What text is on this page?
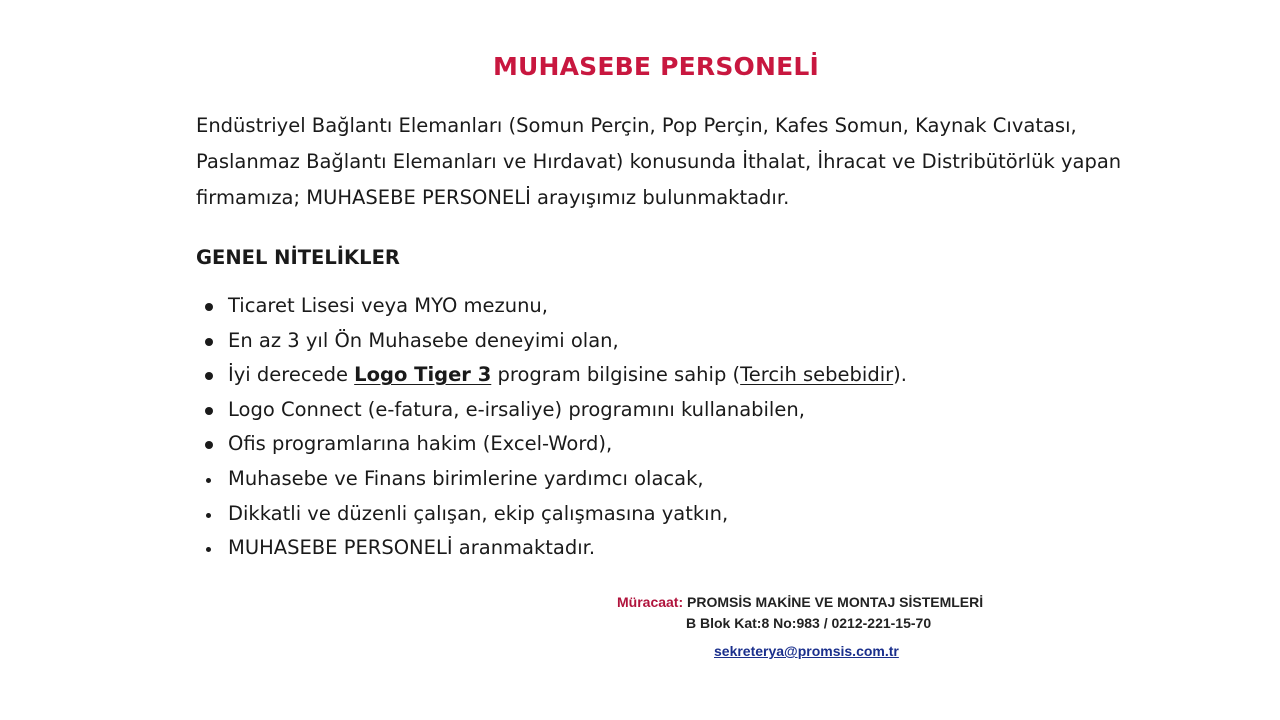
MUHASEBE PERSONELİ
Endüstriyel Bağlantı Elemanları (Somun Perçin, Pop Perçin, Kafes Somun, Kaynak Cıvatası,
Paslanmaz Bağlantı Elemanları ve Hırdavat) konusunda İthalat, İhracat ve Distribütörlük yapan
firmamıza; MUHASEBE PERSONELİ arayışımız bulunmaktadır.
GENEL NİTELİKLER
Ticaret Lisesi veya MYO mezunu,
En az 3 yıl Ön Muhasebe deneyimi olan,
İyi derecede Logo Tiger 3 program bilgisine sahip (Tercih sebebidir).
Logo Connect (e-fatura, e-irsaliye) programını kullanabilen,
Ofis programlarına hakim (Excel-Word),
Muhasebe ve Finans birimlerine yardımcı olacak,
Dikkatli ve düzenli çalışan, ekip çalışmasına yatkın,
MUHASEBE PERSONELİ aranmaktadır.
Müracaat: PROMSİS MAKİNE VE MONTAJ SİSTEMLERİ
B Blok Kat:8 No:983 / 0212-221-15-70
sekreterya@promsis.com.tr
